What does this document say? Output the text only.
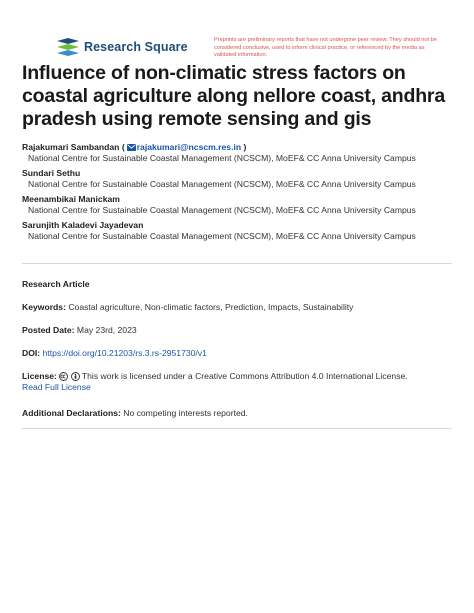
Research Square	Preprints are preliminary reports that have not undergone peer review. They should not be considered conclusive, used to inform clinical practice, or referenced by the media as validated information.
Influence of non-climatic stress factors on coastal agriculture along nellore coast, andhra pradesh using remote sensing and gis
Rajakumari Sambandan ( rajakumari@ncscm.res.in )
National Centre for Sustainable Coastal Management (NCSCM), MoEF& CC Anna University Campus
Sundari Sethu
National Centre for Sustainable Coastal Management (NCSCM), MoEF& CC Anna University Campus
Meenambikai Manickam
National Centre for Sustainable Coastal Management (NCSCM), MoEF& CC Anna University Campus
Sarunjith Kaladevi Jayadevan
National Centre for Sustainable Coastal Management (NCSCM), MoEF& CC Anna University Campus
Research Article
Keywords: Coastal agriculture, Non-climatic factors, Prediction, Impacts, Sustainability
Posted Date: May 23rd, 2023
DOI: https://doi.org/10.21203/rs.3.rs-2951730/v1
License:	This work is licensed under a Creative Commons Attribution 4.0 International License.
Read Full License
Additional Declarations: No competing interests reported.
